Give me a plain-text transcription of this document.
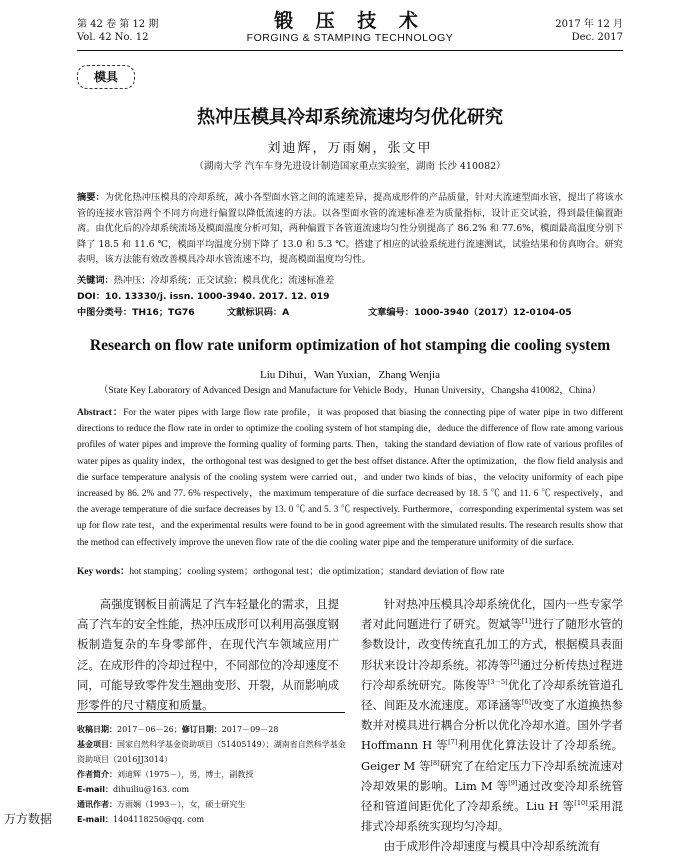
第 42 卷 第 12 期
Vol. 42 No. 12
锻 压 技 术
FORGING & STAMPING TECHNOLOGY
2017 年 12 月
Dec. 2017
模具
热冲压模具冷却系统流速均匀优化研究
刘迪辉，万雨娴，张文甲
（湖南大学 汽车车身先进设计制造国家重点实验室，湖南 长沙 410082）
摘要：为优化热冲压模具的冷却系统，减小各型面水管之间的流速差异，提高成形件的产品质量，针对大流速型面水管，提出了将该水管的连接水管沿两个不同方向进行偏置以降低流速的方法。以各型面水管的流速标准差为质量指标，设计正交试验，得到最佳偏置距离。由优化后的冷却系统流场及模面温度分析可知，两种偏置下各管道流速均匀性分别提高了 86.2% 和 77.6%，模面最高温度分别下降了 18.5 和 11.6 ℃，模面平均温度分别下降了 13.0 和 5.3 ℃。搭建了相应的试验系统进行流速测试，试验结果和仿真吻合。研究表明，该方法能有效改善模具冷却水管流速不均，提高模面温度均匀性。
关键词：热冲压；冷却系统；正交试验；模具优化；流速标准差
DOI：10. 13330/j. issn. 1000-3940. 2017. 12. 019
中图分类号：TH16；TG76	文献标识码：A	文章编号：1000-3940（2017）12-0104-05
Research on flow rate uniform optimization of hot stamping die cooling system
Liu Dihui，Wan Yuxian，Zhang Wenjia
（State Key Laboratory of Advanced Design and Manufacture for Vehicle Body，Hunan University，Changsha 410082，China）
Abstract：For the water pipes with large flow rate profile，it was proposed that biasing the connecting pipe of water pipe in two different directions to reduce the flow rate in order to optimize the cooling system of hot stamping die，deduce the difference of flow rate among various profiles of water pipes and improve the forming quality of forming parts. Then，taking the standard deviation of flow rate of various profiles of water pipes as quality index，the orthogonal test was designed to get the best offset distance. After the optimization，the flow field analysis and die surface temperature analysis of the cooling system were carried out，and under two kinds of bias，the velocity uniformity of each pipe increased by 86. 2% and 77. 6% respectively，the maximum temperature of die surface decreased by 18. 5 ℃ and 11. 6 ℃ respectively，and the average temperature of die surface decreases by 13. 0 ℃ and 5. 3 ℃ respectively. Furthermore，corresponding experimental system was set up for flow rate test，and the experimental results were found to be in good agreement with the simulated results. The research results show that the method can effectively improve the uneven flow rate of the die cooling water pipe and the temperature uniformity of die surface.
Key words：hot stamping；cooling system；orthogonal test；die optimization；standard deviation of flow rate

高强度钢板目前满足了汽车轻量化的需求，且提高了汽车的安全性能，热冲压成形可以利用高强度钢板制造复杂的车身零部件，在现代汽车领域应用广泛。在成形件的冷却过程中，不同部位的冷却速度不同，可能导致零件发生翘曲变形、开裂，从而影响成形零件的尺寸精度和质量。

针对热冲压模具冷却系统优化，国内一些专家学者对此问题进行了研究。贺斌等[1]进行了随形水管的参数设计，改变传统直孔加工的方式，根据模具表面形状来设计冷却系统。祁涛等[2]通过分析传热过程进行冷却系统研究。陈俊等[3－5]优化了冷却系统管道孔径、间距及水流速度。邓译涵等[6]改变了水道换热参数并对模具进行耦合分析以优化冷却水道。国外学者 Hoffmann H 等[7]利用优化算法设计了冷却系统。Geiger M 等[8]研究了在给定压力下冷却系统流速对冷却效果的影响。Lim M 等[9]通过改变冷却系统管径和管道间距优化了冷却系统。Liu H 等[10]采用混排式冷却系统实现均匀冷却。

由于成形件冷却速度与模具中冷却系统流有

收稿日期：2017－06－26；修订日期：2017－09－28
基金项目：国家自然科学基金资助项目（51405149）；湖南省自然科学基金资助项目（2016JJ3014）
作者简介：刘迪辉（1975－），男，博士，副教授
E-mail：dihuiliu@163. com
通讯作者：万雨娴（1993－），女，硕士研究生
E-mail：1404118250@qq. com
万方数据
